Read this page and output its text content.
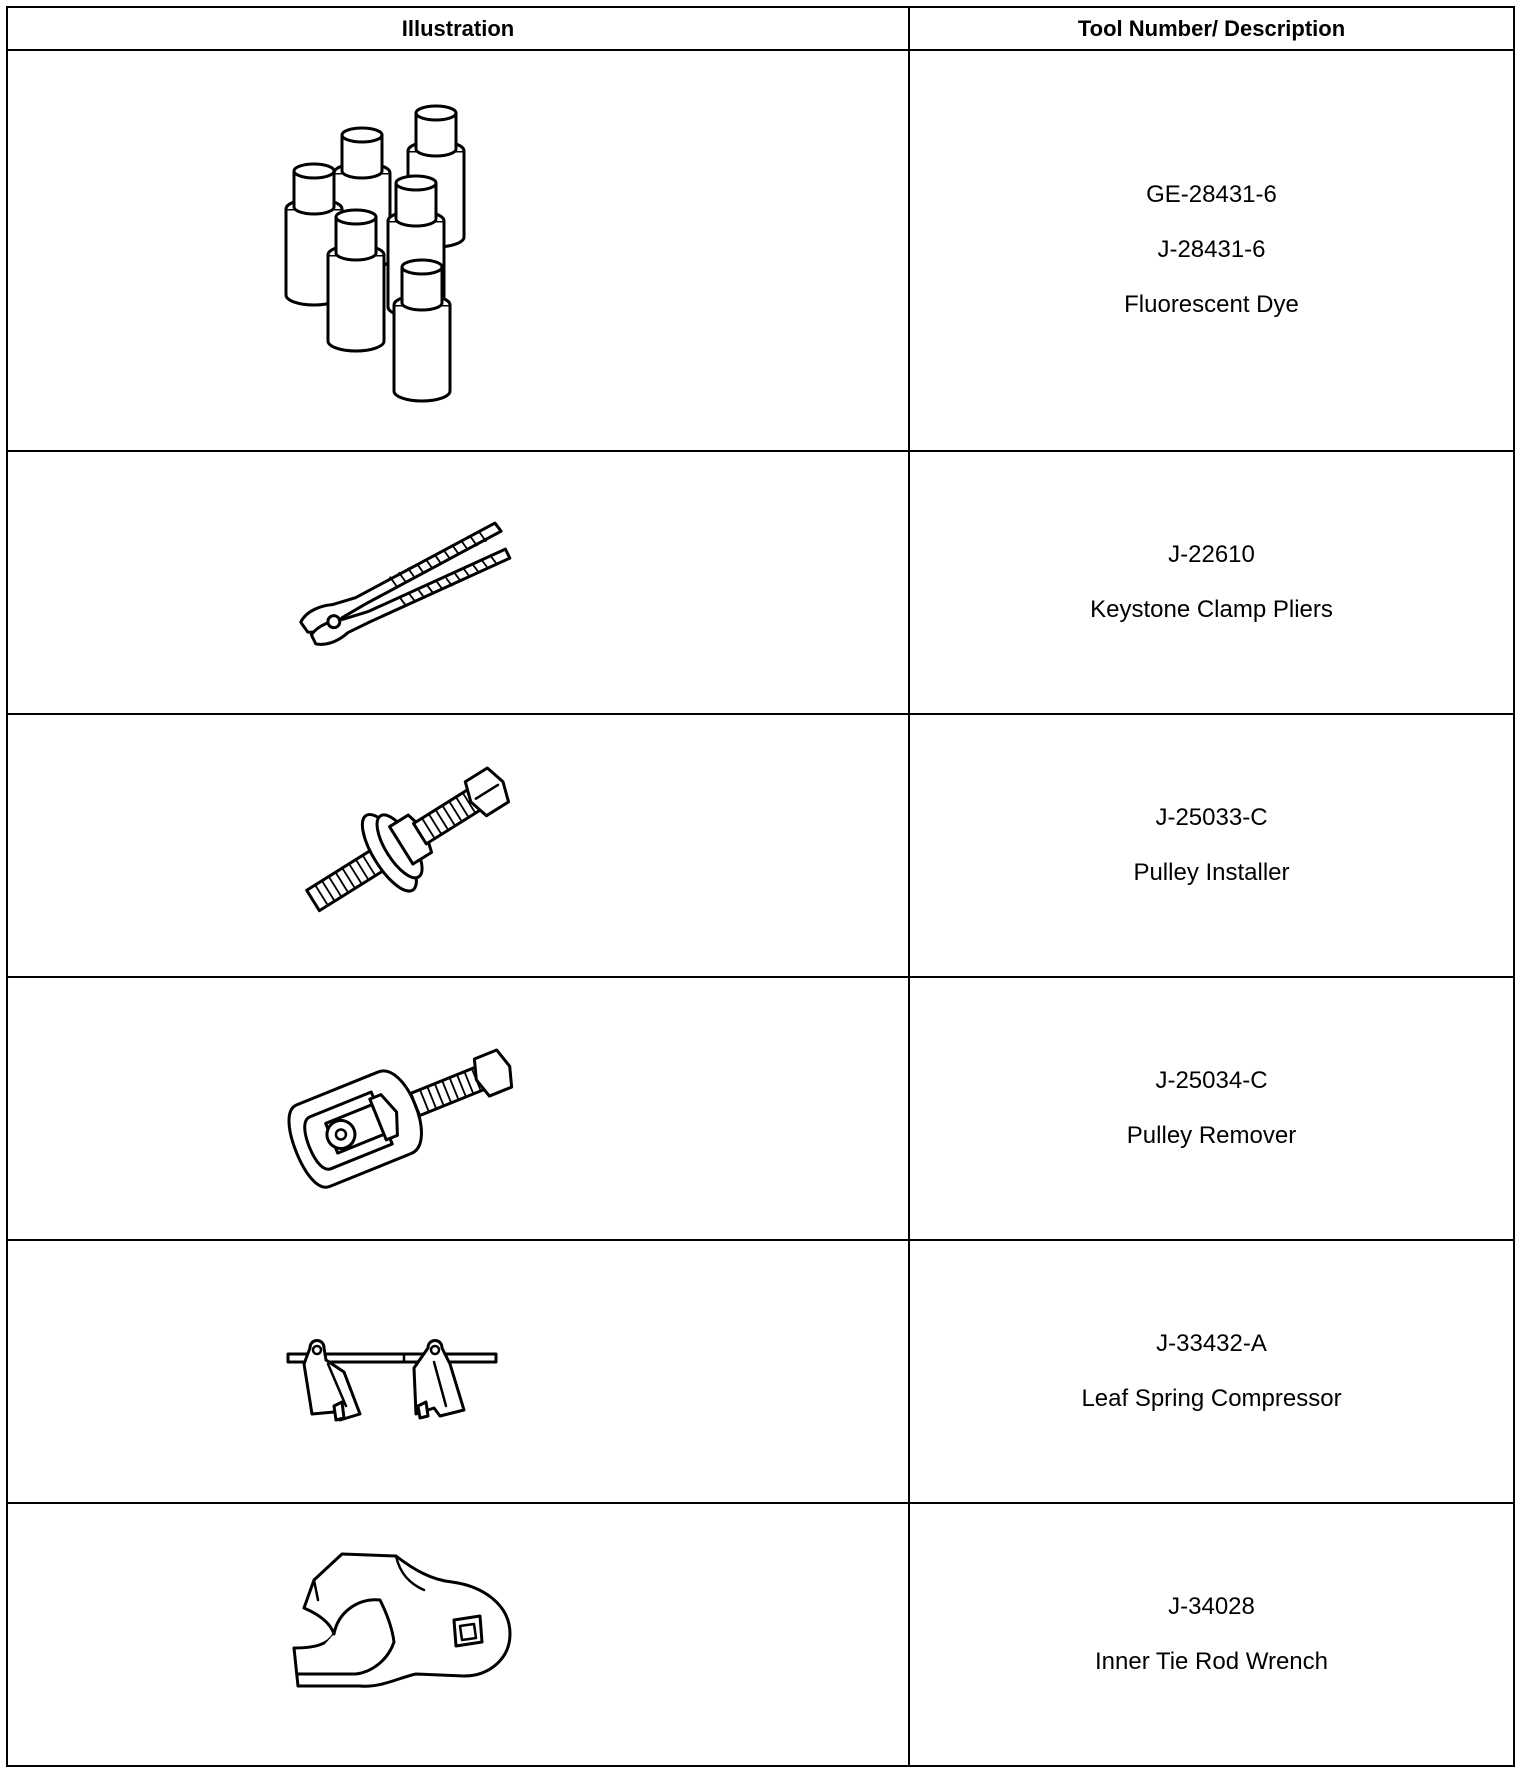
Illustration	Tool Number/ Description

GE-28431-6
J-28431-6
Fluorescent Dye

J-22610
Keystone Clamp Pliers

J-25033-C
Pulley Installer

J-25034-C
Pulley Remover

J-33432-A
Leaf Spring Compressor

J-34028
Inner Tie Rod Wrench
